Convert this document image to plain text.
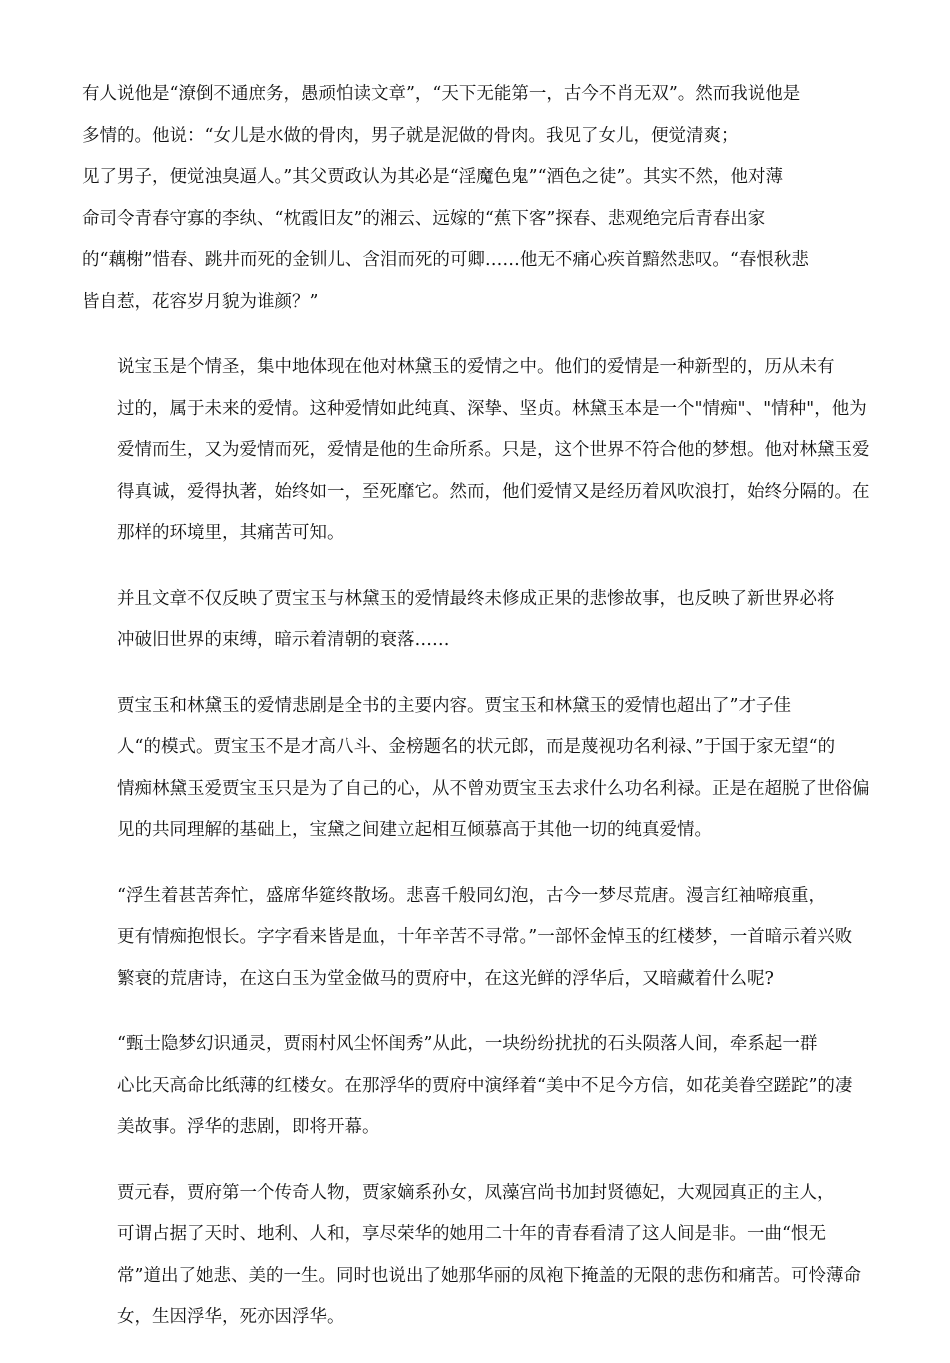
有人说他是“潦倒不通庶务，愚顽怕读文章”，“天下无能第一，古今不肖无双”。然而我说他是
多情的。他说：“女儿是水做的骨肉，男子就是泥做的骨肉。我见了女儿，便觉清爽；
见了男子，便觉浊臭逼人。”其父贾政认为其必是“淫魔色鬼”“酒色之徒”。其实不然，他对薄
命司令青春守寡的李纨、“枕霞旧友”的湘云、远嫁的“蕉下客”探春、悲观绝完后青春出家
的“藕榭”惜春、跳井而死的金钏儿、含泪而死的可卿……他无不痛心疾首黯然悲叹。“春恨秋悲
皆自惹，花容岁月貌为谁颜？”

说宝玉是个情圣，集中地体现在他对林黛玉的爱情之中。他们的爱情是一种新型的，历从未有
过的，属于未来的爱情。这种爱情如此纯真、深挚、坚贞。林黛玉本是一个"情痴"、"情种"，他为
爱情而生，又为爱情而死，爱情是他的生命所系。只是，这个世界不符合他的梦想。他对林黛玉爱
得真诚，爱得执著，始终如一，至死靡它。然而，他们爱情又是经历着风吹浪打，始终分隔的。在
那样的环境里，其痛苦可知。

并且文章不仅反映了贾宝玉与林黛玉的爱情最终未修成正果的悲惨故事，也反映了新世界必将
冲破旧世界的束缚，暗示着清朝的衰落……

贾宝玉和林黛玉的爱情悲剧是全书的主要内容。贾宝玉和林黛玉的爱情也超出了”才子佳
人“的模式。贾宝玉不是才高八斗、金榜题名的状元郎，而是蔑视功名利禄、”于国于家无望“的
情痴林黛玉爱贾宝玉只是为了自己的心，从不曾劝贾宝玉去求什么功名利禄。正是在超脱了世俗偏
见的共同理解的基础上，宝黛之间建立起相互倾慕高于其他一切的纯真爱情。

“浮生着甚苦奔忙，盛席华筵终散场。悲喜千般同幻泡，古今一梦尽荒唐。漫言红袖啼痕重，
更有情痴抱恨长。字字看来皆是血，十年辛苦不寻常。”一部怀金悼玉的红楼梦，一首暗示着兴败
繁衰的荒唐诗，在这白玉为堂金做马的贾府中，在这光鲜的浮华后，又暗藏着什么呢?

“甄士隐梦幻识通灵，贾雨村风尘怀闺秀”从此，一块纷纷扰扰的石头陨落人间，牵系起一群
心比天高命比纸薄的红楼女。在那浮华的贾府中演绎着“美中不足今方信，如花美眷空蹉跎”的凄
美故事。浮华的悲剧，即将开幕。

贾元春，贾府第一个传奇人物，贾家嫡系孙女，凤藻宫尚书加封贤德妃，大观园真正的主人，
可谓占据了天时、地利、人和，享尽荣华的她用二十年的青春看清了这人间是非。一曲“恨无
常”道出了她悲、美的一生。同时也说出了她那华丽的凤袍下掩盖的无限的悲伤和痛苦。可怜薄命
女，生因浮华，死亦因浮华。
